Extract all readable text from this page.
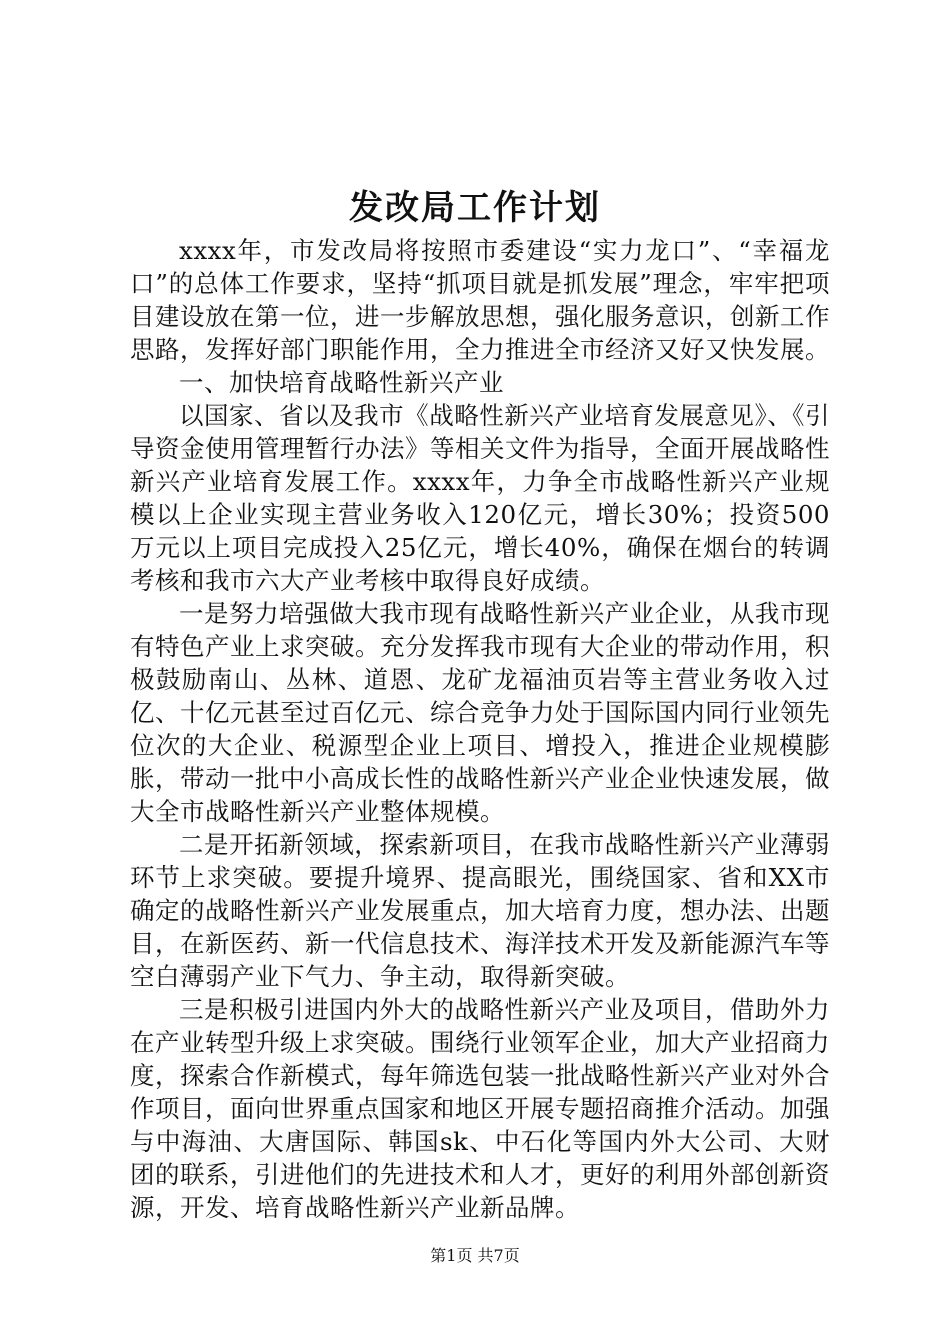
发改局工作计划

xxxx年，市发改局将按照市委建设“实力龙口”、“幸福龙口”的总体工作要求，坚持“抓项目就是抓发展”理念，牢牢把项目建设放在第一位，进一步解放思想，强化服务意识，创新工作思路，发挥好部门职能作用，全力推进全市经济又好又快发展。

一、加快培育战略性新兴产业

以国家、省以及我市《战略性新兴产业培育发展意见》、《引导资金使用管理暂行办法》等相关文件为指导，全面开展战略性新兴产业培育发展工作。xxxx年，力争全市战略性新兴产业规模以上企业实现主营业务收入120亿元，增长30%；投资500万元以上项目完成投入25亿元，增长40%，确保在烟台的转调考核和我市六大产业考核中取得良好成绩。

一是努力培强做大我市现有战略性新兴产业企业，从我市现有特色产业上求突破。充分发挥我市现有大企业的带动作用，积极鼓励南山、丛林、道恩、龙矿龙福油页岩等主营业务收入过亿、十亿元甚至过百亿元、综合竞争力处于国际国内同行业领先位次的大企业、税源型企业上项目、增投入，推进企业规模膨胀，带动一批中小高成长性的战略性新兴产业企业快速发展，做大全市战略性新兴产业整体规模。

二是开拓新领域，探索新项目，在我市战略性新兴产业薄弱环节上求突破。要提升境界、提高眼光，围绕国家、省和XX市确定的战略性新兴产业发展重点，加大培育力度，想办法、出题目，在新医药、新一代信息技术、海洋技术开发及新能源汽车等空白薄弱产业下气力、争主动，取得新突破。

三是积极引进国内外大的战略性新兴产业及项目，借助外力在产业转型升级上求突破。围绕行业领军企业，加大产业招商力度，探索合作新模式，每年筛选包装一批战略性新兴产业对外合作项目，面向世界重点国家和地区开展专题招商推介活动。加强与中海油、大唐国际、韩国sk、中石化等国内外大公司、大财团的联系，引进他们的先进技术和人才，更好的利用外部创新资源，开发、培育战略性新兴产业新品牌。

第1页 共7页
